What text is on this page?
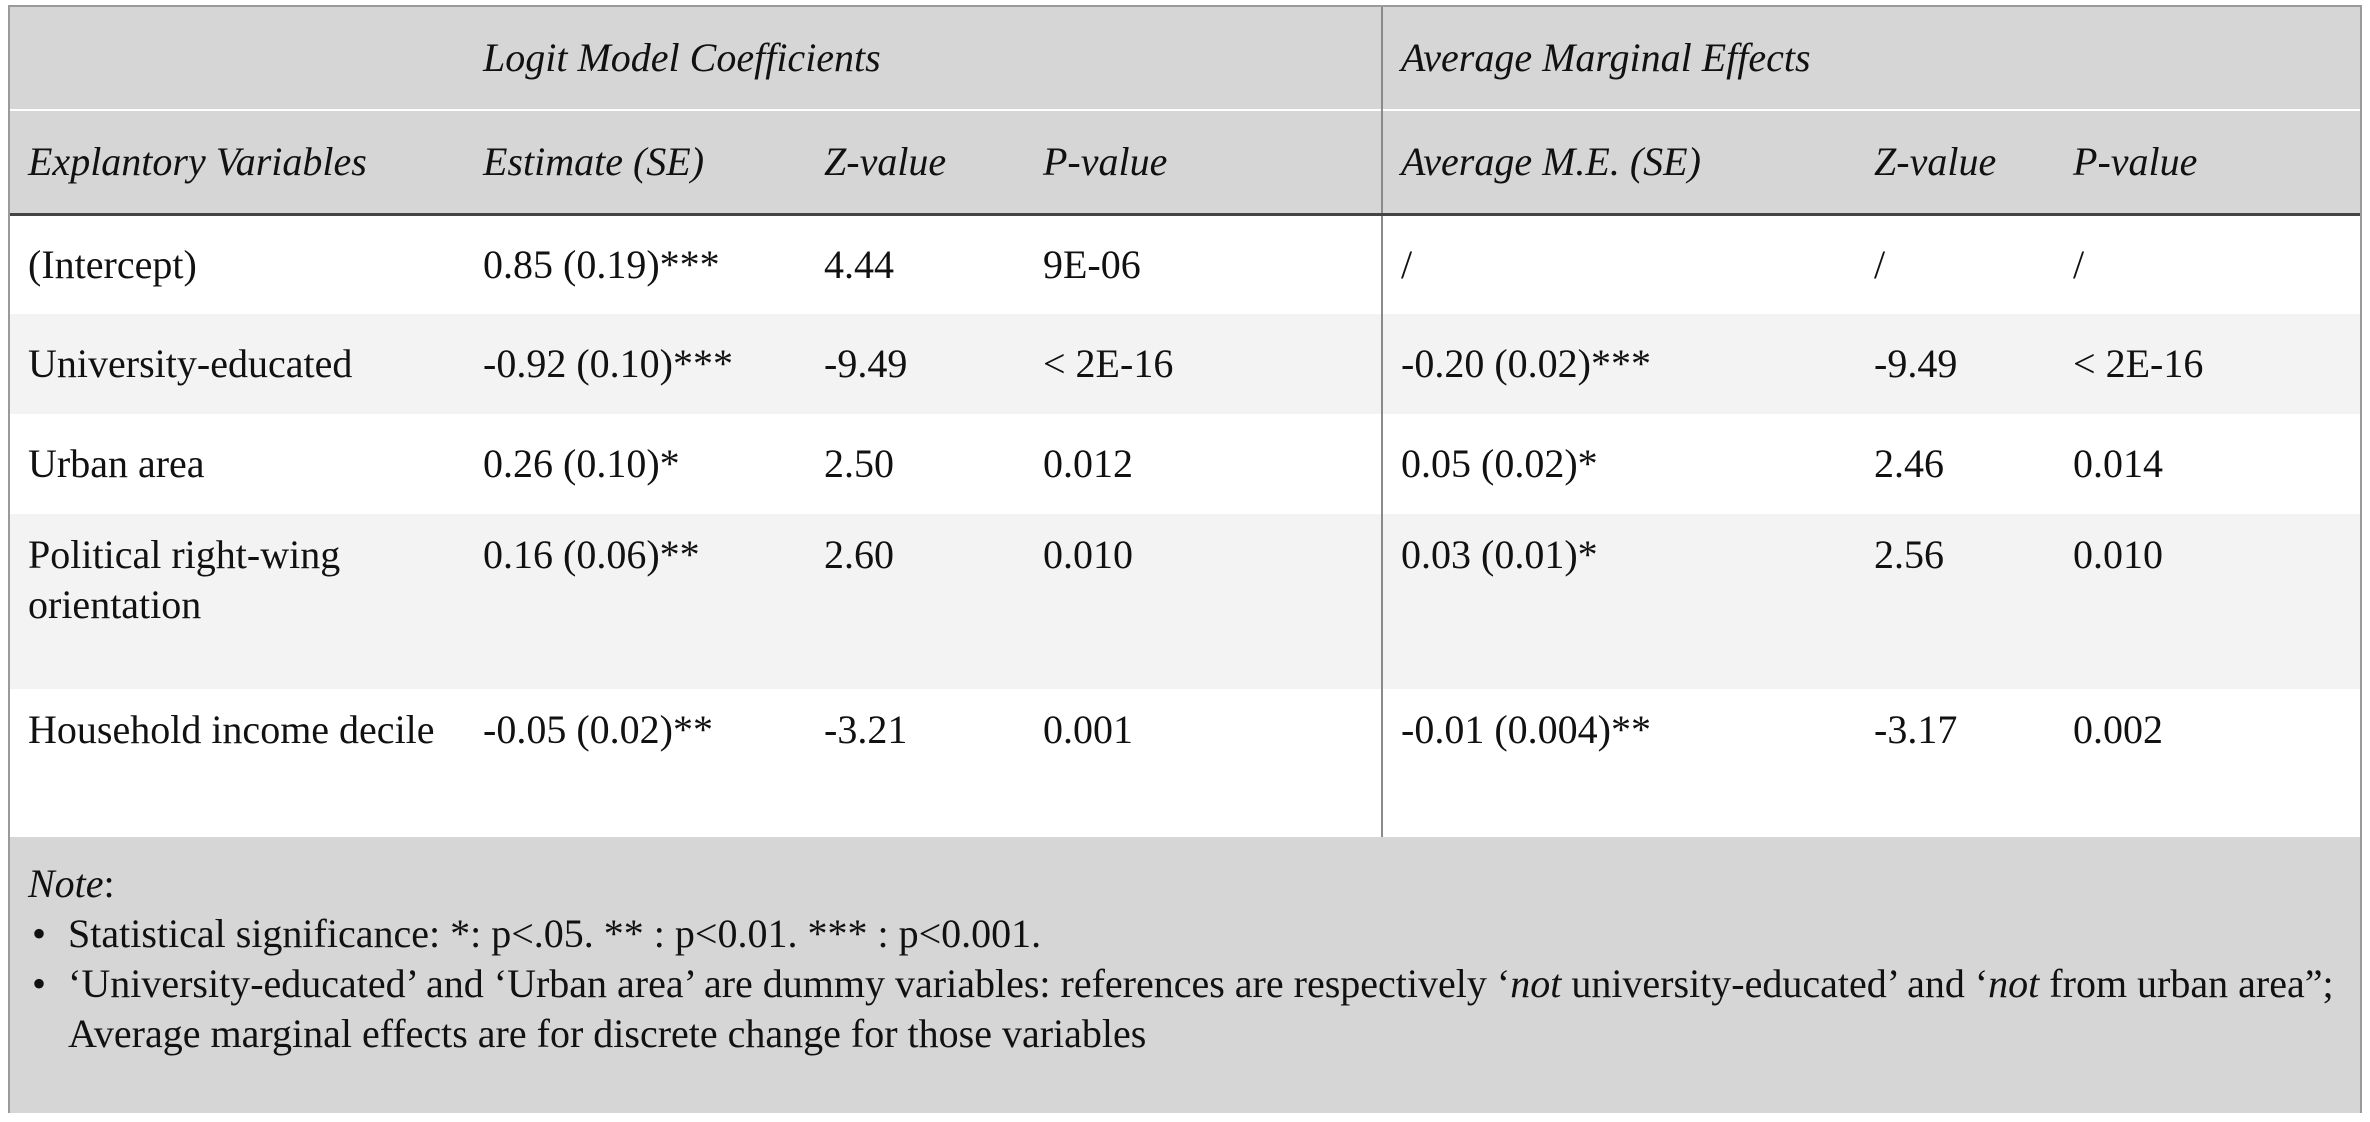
	Logit Model Coefficients			Average Marginal Effects		
Explantory Variables	Estimate (SE)	Z-value	P-value	Average M.E. (SE)	Z-value	P-value
(Intercept)	0.85 (0.19)***	4.44	9E-06	/	/	/
University-educated	-0.92 (0.10)***	-9.49	< 2E-16	-0.20 (0.02)***	-9.49	< 2E-16
Urban area	0.26 (0.10)*	2.50	0.012	0.05 (0.02)*	2.46	0.014
Political right-wing orientation	0.16 (0.06)**	2.60	0.010	0.03 (0.01)*	2.56	0.010
Household income decile	-0.05 (0.02)**	-3.21	0.001	-0.01 (0.004)**	-3.17	0.002
Note:
• Statistical significance: *: p<.05. ** : p<0.01. *** : p<0.001.
• ‘University-educated’ and ‘Urban area’ are dummy variables: references are respectively ‘not university-educated’ and ‘not from urban area”; Average marginal effects are for discrete change for those variables
